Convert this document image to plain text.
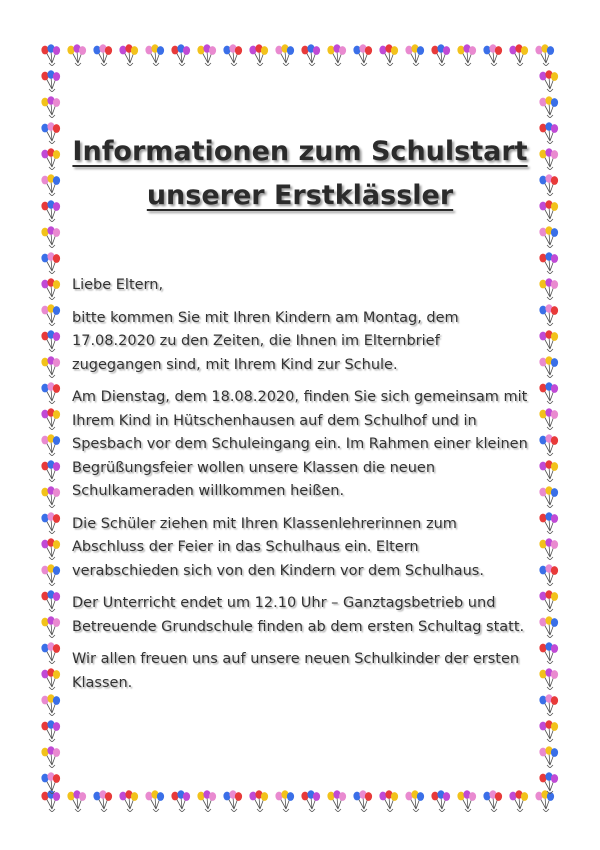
Informationen zum Schulstart
unserer Erstklässler

Liebe Eltern,

bitte kommen Sie mit Ihren Kindern am Montag, dem 17.08.2020 zu den Zeiten, die Ihnen im Elternbrief zugegangen sind, mit Ihrem Kind zur Schule.

Am Dienstag, dem 18.08.2020, finden Sie sich gemeinsam mit Ihrem Kind in Hütschenhausen auf dem Schulhof und in Spesbach vor dem Schuleingang ein. Im Rahmen einer kleinen Begrüßungsfeier wollen unsere Klassen die neuen Schulkameraden willkommen heißen.

Die Schüler ziehen mit Ihren Klassenlehrerinnen zum Abschluss der Feier in das Schulhaus ein. Eltern verabschieden sich von den Kindern vor dem Schulhaus.

Der Unterricht endet um 12.10 Uhr – Ganztagsbetrieb und Betreuende Grundschule finden ab dem ersten Schultag statt.

Wir allen freuen uns auf unsere neuen Schulkinder der ersten Klassen.
